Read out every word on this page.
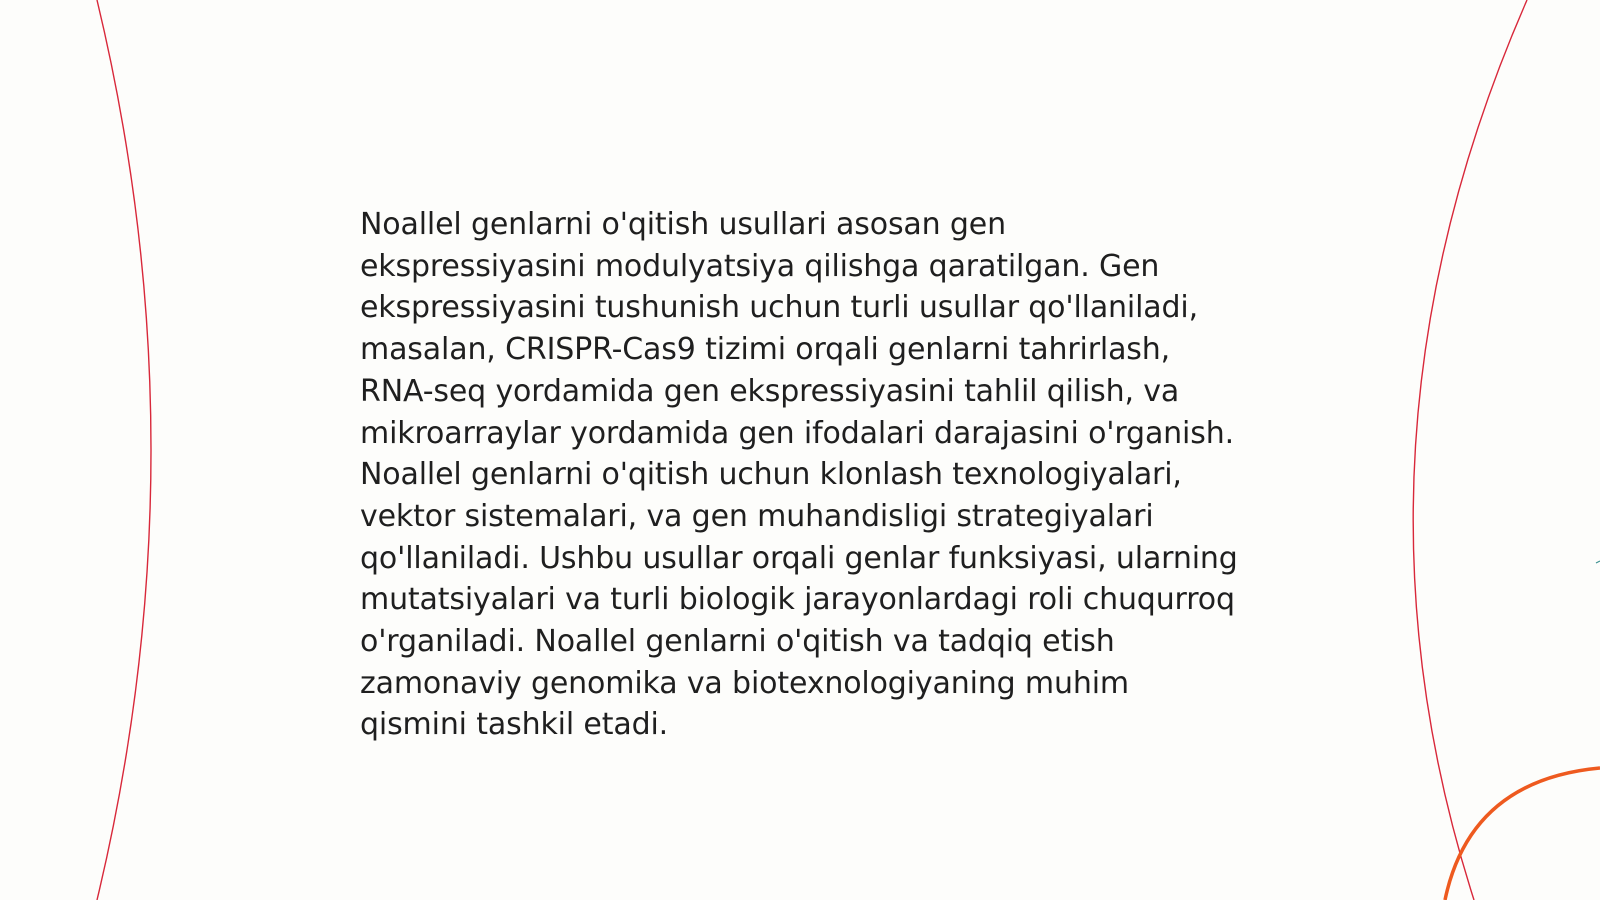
Noallel genlarni o'qitish usullari asosan gen ekspressiyasini modulyatsiya qilishga qaratilgan. Gen ekspressiyasini tushunish uchun turli usullar qo'llaniladi, masalan, CRISPR-Cas9 tizimi orqali genlarni tahrirlash, RNA-seq yordamida gen ekspressiyasini tahlil qilish, va mikroarraylar yordamida gen ifodalari darajasini o'rganish. Noallel genlarni o'qitish uchun klonlash texnologiyalari, vektor sistemalari, va gen muhandisligi strategiyalari qo'llaniladi. Ushbu usullar orqali genlar funksiyasi, ularning mutatsiyalari va turli biologik jarayonlardagi roli chuqurroq o'rganiladi. Noallel genlarni o'qitish va tadqiq etish zamonaviy genomika va biotexnologiyaning muhim qismini tashkil etadi.
